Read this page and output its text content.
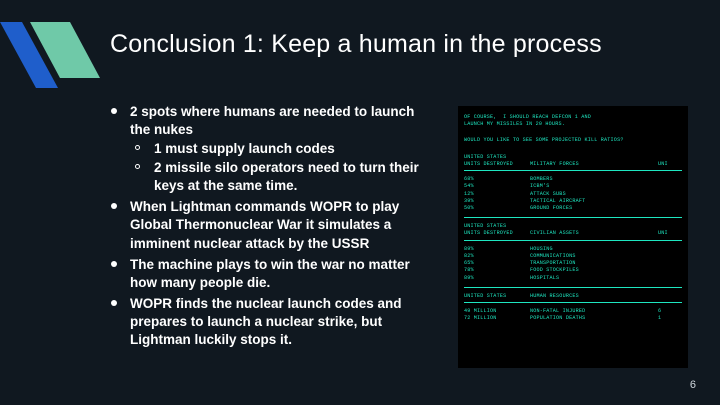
Conclusion 1: Keep a human in the process
2 spots where humans are needed to launch the nukes
1 must supply launch codes
2 missile silo operators need to turn their keys at the same time.
When Lightman commands WOPR to play Global Thermonuclear War it simulates a imminent nuclear attack by the USSR
The machine plays to win the war no matter how many people die.
WOPR finds the nuclear launch codes and prepares to launch a nuclear strike, but Lightman luckily stops it.
OF COURSE,  I SHOULD REACH DEFCON 1 AND
LAUNCH MY MISSILES IN 20 HOURS.
WOULD YOU LIKE TO SEE SOME PROJECTED KILL RATIOS?
UNITED STATES
UNITS DESTROYED	MILITARY FORCES	UNI
68%	BOMBERS
54%	ICBM'S
12%	ATTACK SUBS
39%	TACTICAL AIRCRAFT
50%	GROUND FORCES
UNITED STATES
UNITS DESTROYED	CIVILIAN ASSETS	UNI
89%	HOUSING
82%	COMMUNICATIONS
65%	TRANSPORTATION
78%	FOOD STOCKPILES
89%	HOSPITALS
UNITED STATES	HUMAN RESOURCES
49 MILLION	NON-FATAL INJURED	6
72 MILLION	POPULATION DEATHS	1
6
